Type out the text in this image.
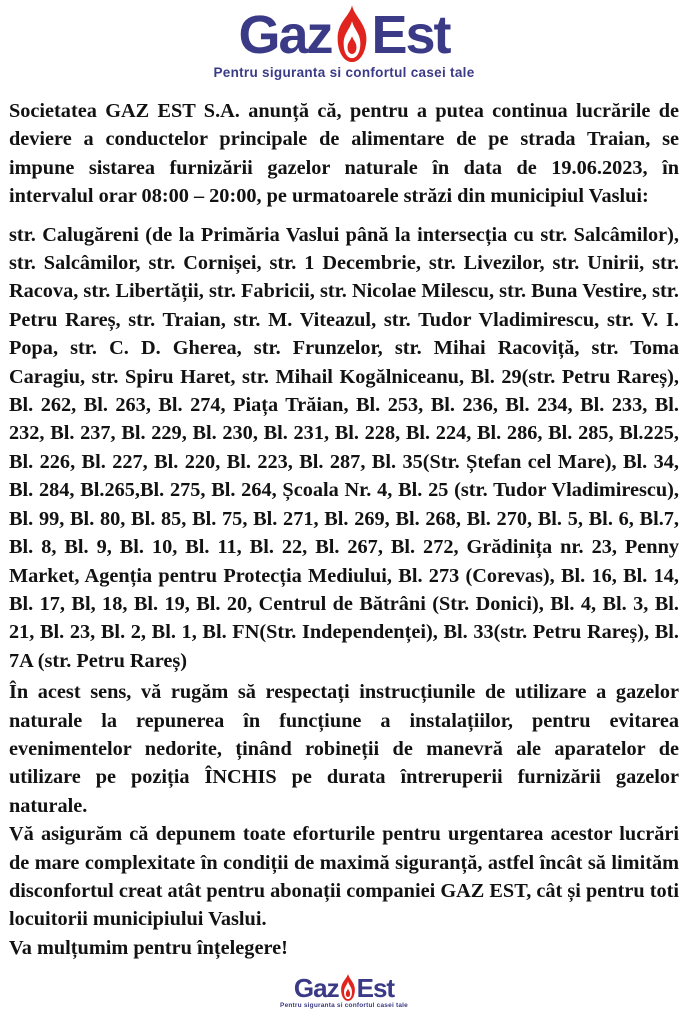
Gaz Est
Pentru siguranta si confortul casei tale

Societatea GAZ EST S.A. anunță că, pentru a putea continua lucrările de deviere a conductelor principale de alimentare de pe strada Traian, se impune sistarea furnizării gazelor naturale în data de 19.06.2023, în intervalul orar 08:00 – 20:00, pe urmatoarele străzi din municipiul Vaslui:

str. Calugăreni (de la Primăria Vaslui până la intersecția cu str. Salcâmilor), str. Salcâmilor, str. Cornișei, str. 1 Decembrie, str. Livezilor, str. Unirii, str. Racova, str. Libertății, str. Fabricii, str. Nicolae Milescu, str. Buna Vestire, str. Petru Rareș, str. Traian, str. M. Viteazul, str. Tudor Vladimirescu, str. V. I. Popa, str. C. D. Gherea, str. Frunzelor, str. Mihai Racoviță, str. Toma Caragiu, str. Spiru Haret, str. Mihail Kogălniceanu, Bl. 29(str. Petru Rareș), Bl. 262, Bl. 263, Bl. 274, Piața Trăian, Bl. 253, Bl. 236, Bl. 234, Bl. 233, Bl. 232, Bl. 237, Bl. 229, Bl. 230, Bl. 231, Bl. 228, Bl. 224, Bl. 286, Bl. 285, Bl.225, Bl. 226, Bl. 227, Bl. 220, Bl. 223, Bl. 287, Bl. 35(Str. Ștefan cel Mare), Bl. 34, Bl. 284, Bl.265,Bl. 275, Bl. 264, Școala Nr. 4, Bl. 25 (str. Tudor Vladimirescu), Bl. 99, Bl. 80, Bl. 85, Bl. 75, Bl. 271, Bl. 269, Bl. 268, Bl. 270, Bl. 5, Bl. 6, Bl.7, Bl. 8, Bl. 9, Bl. 10, Bl. 11, Bl. 22, Bl. 267, Bl. 272, Grădinița nr. 23, Penny Market, Agenția pentru Protecția Mediului, Bl. 273 (Corevas), Bl. 16, Bl. 14, Bl. 17, Bl, 18, Bl. 19, Bl. 20, Centrul de Bătrâni (Str. Donici), Bl. 4, Bl. 3, Bl. 21, Bl. 23, Bl. 2, Bl. 1, Bl. FN(Str. Independenței), Bl. 33(str. Petru Rareș), Bl. 7A (str. Petru Rareș)

În acest sens, vă rugăm să respectați instrucțiunile de utilizare a gazelor naturale la repunerea în funcțiune a instalațiilor, pentru evitarea evenimentelor nedorite, ținând robineții de manevră ale aparatelor de utilizare pe poziția ÎNCHIS pe durata întreruperii furnizării gazelor naturale.

Vă asigurăm că depunem toate eforturile pentru urgentarea acestor lucrări de mare complexitate în condiții de maximă siguranță, astfel încât să limităm disconfortul creat atât pentru abonații companiei GAZ EST, cât și pentru toti locuitorii municipiului Vaslui.

Va mulțumim pentru înțelegere!

Gaz Est
Pentru siguranta si confortul casei tale
